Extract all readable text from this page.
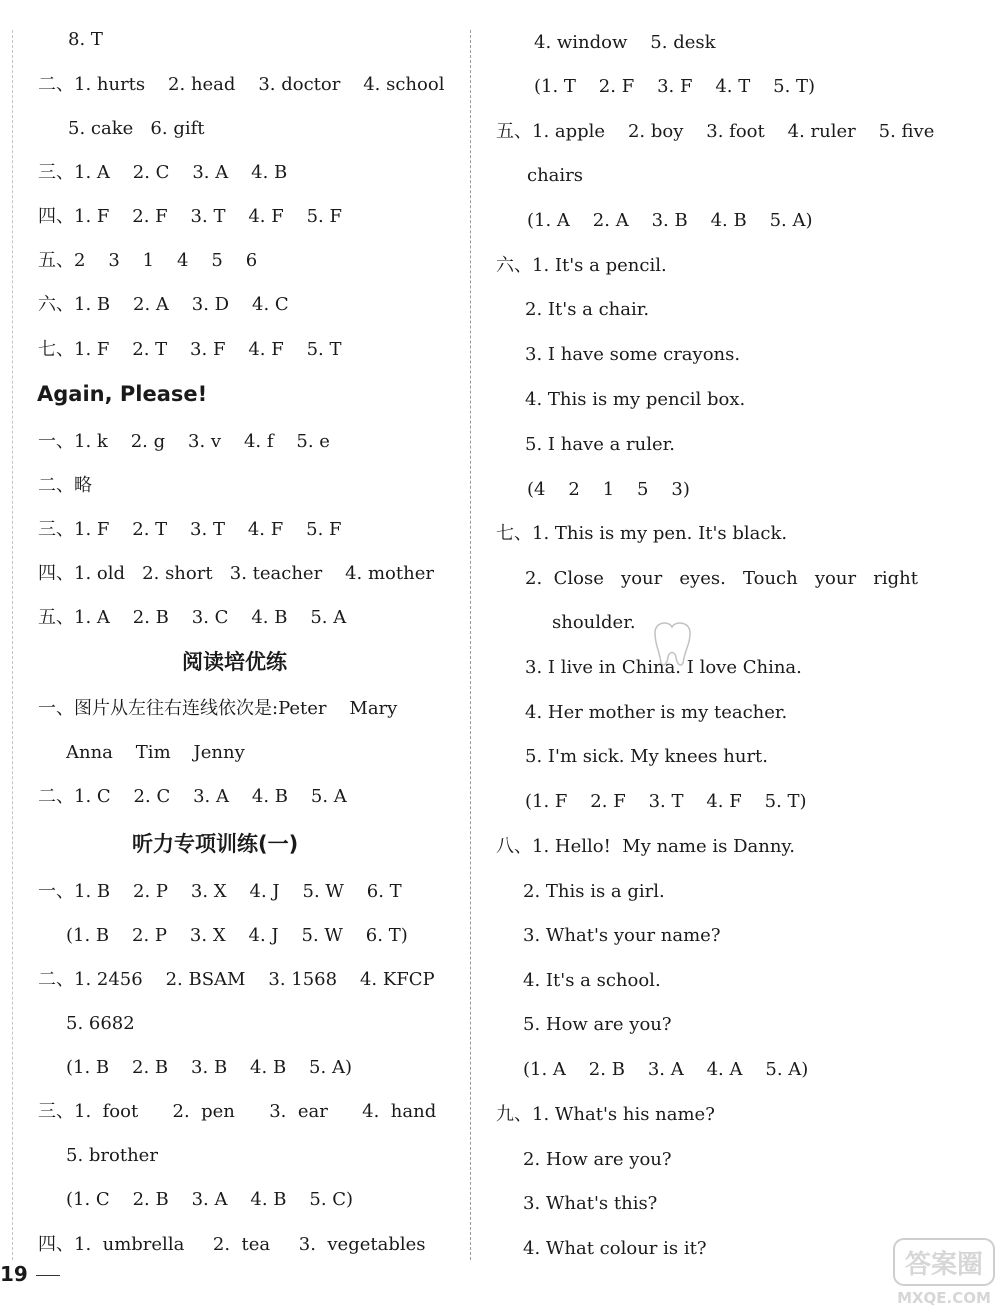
8. T
二、1. hurts    2. head    3. doctor    4. school
5. cake   6. gift
三、1. A    2. C    3. A    4. B
四、1. F    2. F    3. T    4. F    5. F
五、2    3    1    4    5    6
六、1. B    2. A    3. D    4. C
七、1. F    2. T    3. F    4. F    5. T
Again, Please!
一、1. k    2. g    3. v    4. f    5. e
二、略
三、1. F    2. T    3. T    4. F    5. F
四、1. old   2. short   3. teacher    4. mother
五、1. A    2. B    3. C    4. B    5. A
阅读培优练
一、图片从左往右连线依次是:Peter    Mary
Anna    Tim    Jenny
二、1. C    2. C    3. A    4. B    5. A
听力专项训练(一)
一、1. B    2. P    3. X    4. J    5. W    6. T
(1. B    2. P    3. X    4. J    5. W    6. T)
二、1. 2456    2. BSAM    3. 1568    4. KFCP
5. 6682
(1. B    2. B    3. B    4. B    5. A)
三、1.  foot      2.  pen      3.  ear      4.  hand
5. brother
(1. C    2. B    3. A    4. B    5. C)
四、1.  umbrella     2.  tea     3.  vegetables
4. window    5. desk
(1. T    2. F    3. F    4. T    5. T)
五、1. apple    2. boy    3. foot    4. ruler    5. five
chairs
(1. A    2. A    3. B    4. B    5. A)
六、1. It's a pencil.
2. It's a chair.
3. I have some crayons.
4. This is my pencil box.
5. I have a ruler.
(4    2    1    5    3)
七、1. This is my pen. It's black.
2.  Close   your   eyes.   Touch   your   right
shoulder.
3. I live in China. I love China.
4. Her mother is my teacher.
5. I'm sick. My knees hurt.
(1. F    2. F    3. T    4. F    5. T)
八、1. Hello!  My name is Danny.
2. This is a girl.
3. What's your name?
4. It's a school.
5. How are you?
(1. A    2. B    3. A    4. A    5. A)
九、1. What's his name?
2. How are you?
3. What's this?
4. What colour is it?
19	答案圈
MXQE.COM
